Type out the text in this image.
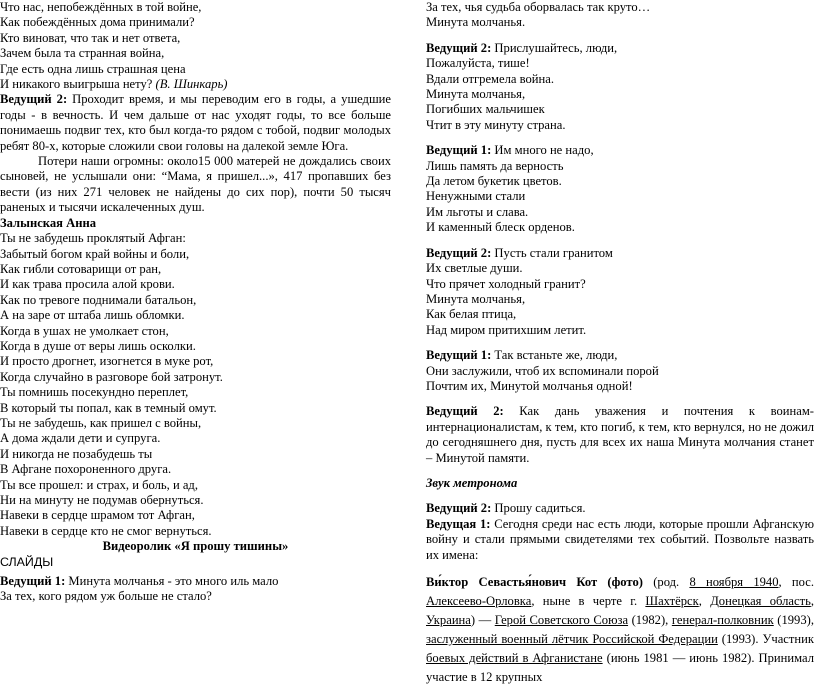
Что нас, непобеждённых в той войне,
Как побеждённых дома принимали?
Кто виноват, что так и нет ответа,
Зачем была та странная война,
Где есть одна лишь страшная цена
И никакого выигрыша нету? (В. Шинкарь)
Ведущий 2: Проходит время, и мы переводим его в годы, а ушедшие годы - в вечность. И чем дальше от нас уходят годы, то все больше понимаешь подвиг тех, кто был когда-то рядом с тобой, подвиг молодых ребят 80-х, которые сложили свои головы на далекой земле Юга.
Потери наши огромны: около15 000 матерей не дождались своих сыновей, не услышали они: “Мама, я пришел...», 417 пропавших без вести (из них 271 человек не найдены до сих пор), почти 50 тысяч раненых и тысячи искалеченных душ.
Залынская Анна
Ты не забудешь проклятый Афган:
Забытый богом край войны и боли,
Как гибли сотоварищи от ран,
И как трава просила алой крови.
Как по тревоге поднимали батальон,
А на заре от штаба лишь обломки.
Когда в ушах не умолкает стон,
Когда в душе от веры лишь осколки.
И просто дрогнет, изогнется в муке рот,
Когда случайно в разговоре бой затронут.
Ты помнишь посекундно переплет,
В который ты попал, как в темный омут.
Ты не забудешь, как пришел с войны,
А дома ждали дети и супруга.
И никогда не позабудешь ты
В Афгане похороненного друга.
Ты все прошел: и страх, и боль, и ад,
Ни на минуту не подумав обернуться.
Навеки в сердце шрамом тот Афган,
Навеки в сердце кто не смог вернуться.
Видеоролик «Я прошу тишины»
СЛАЙДЫ
Ведущий 1: Минута молчанья - это много иль мало
За тех, кого рядом уж больше не стало?
За тех, чья судьба оборвалась так круто…
Минута молчанья.
Ведущий 2: Прислушайтесь, люди,
Пожалуйста, тише!
Вдали отгремела война.
Минута молчанья,
Погибших мальчишек
Чтит в эту минуту страна.
Ведущий 1: Им много не надо,
Лишь память да верность
Да летом букетик цветов.
Ненужными стали
Им льготы и слава.
И каменный блеск орденов.
Ведущий 2: Пусть стали гранитом
Их светлые души.
Что прячет холодный гранит?
Минута молчанья,
Как белая птица,
Над миром притихшим летит.
Ведущий 1: Так встаньте же, люди,
Они заслужили, чтоб их вспоминали порой
Почтим их, Минутой молчанья одной!
Ведущий 2: Как дань уважения и почтения к воинам-интернационалистам, к тем, кто погиб, к тем, кто вернулся, но не дожил до сегодняшнего дня, пусть для всех их наша Минута молчания станет – Минутой памяти.
Звук метронома
Ведущий 2: Прошу садиться.
Ведущая 1: Сегодня среди нас есть люди, которые прошли Афганскую войну и стали прямыми свидетелями тех событий. Позвольте назвать их имена:
Ви́ктор Севастья́нович Кот (фото) (род. 8 ноября 1940, пос. Алексеево-Орловка, ныне в черте г. Шахтёрск, Донецкая область, Украина) — Герой Советского Союза (1982), генерал-полковник (1993), заслуженный военный лётчик Российской Федерации (1993). Участник боевых действий в Афганистане (июнь 1981 — июнь 1982). Принимал участие в 12 крупных
